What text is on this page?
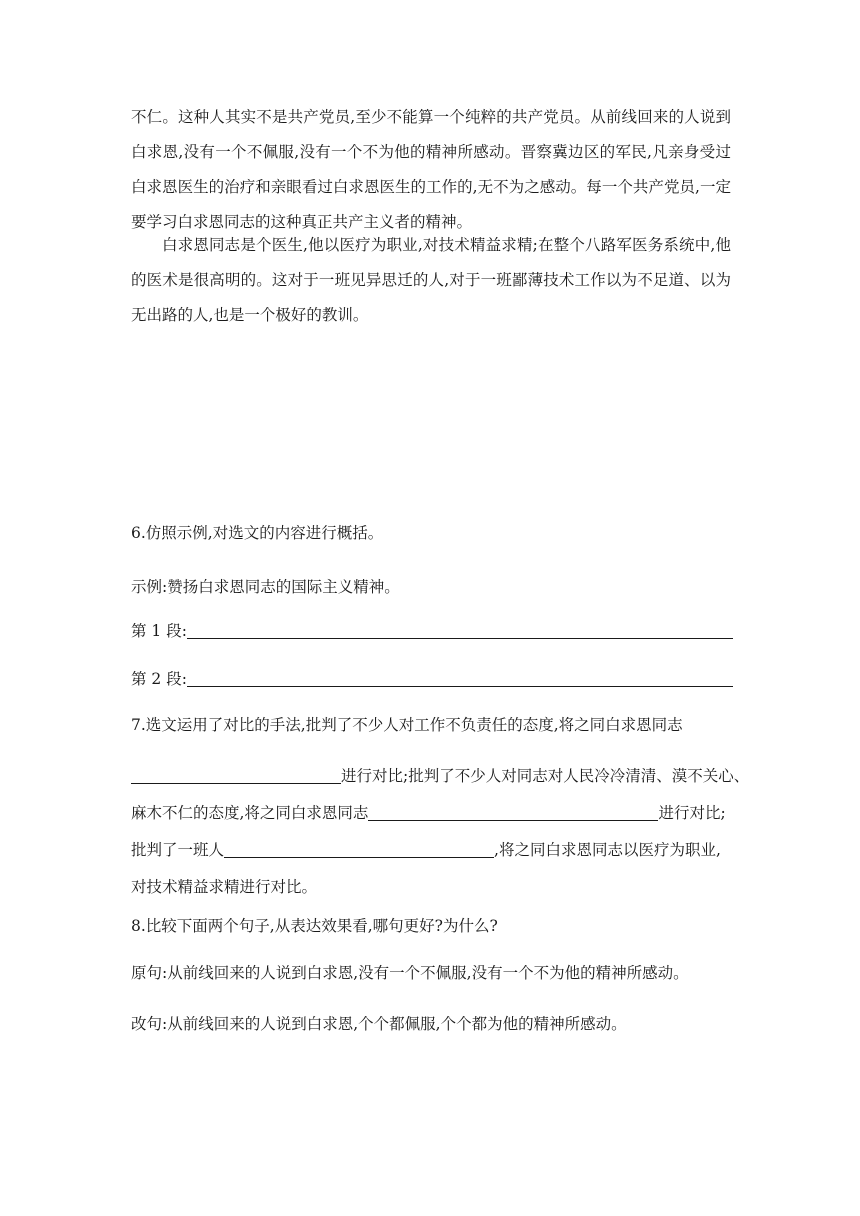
不仁。这种人其实不是共产党员,至少不能算一个纯粹的共产党员。从前线回来的人说到白求恩,没有一个不佩服,没有一个不为他的精神所感动。晋察冀边区的军民,凡亲身受过白求恩医生的治疗和亲眼看过白求恩医生的工作的,无不为之感动。每一个共产党员,一定要学习白求恩同志的这种真正共产主义者的精神。

白求恩同志是个医生,他以医疗为职业,对技术精益求精;在整个八路军医务系统中,他的医术是很高明的。这对于一班见异思迁的人,对于一班鄙薄技术工作以为不足道、以为无出路的人,也是一个极好的教训。

6.仿照示例,对选文的内容进行概括。
示例:赞扬白求恩同志的国际主义精神。
第 1 段:
第 2 段:
7.选文运用了对比的手法,批判了不少人对工作不负责任的态度,将之同白求恩同志
进行对比;批判了不少人对同志对人民冷冷清清、漠不关心、
麻木不仁的态度,将之同白求恩同志	进行对比;
批判了一班人	,将之同白求恩同志以医疗为职业,
对技术精益求精进行对比。
8.比较下面两个句子,从表达效果看,哪句更好?为什么?
原句:从前线回来的人说到白求恩,没有一个不佩服,没有一个不为他的精神所感动。
改句:从前线回来的人说到白求恩,个个都佩服,个个都为他的精神所感动。
